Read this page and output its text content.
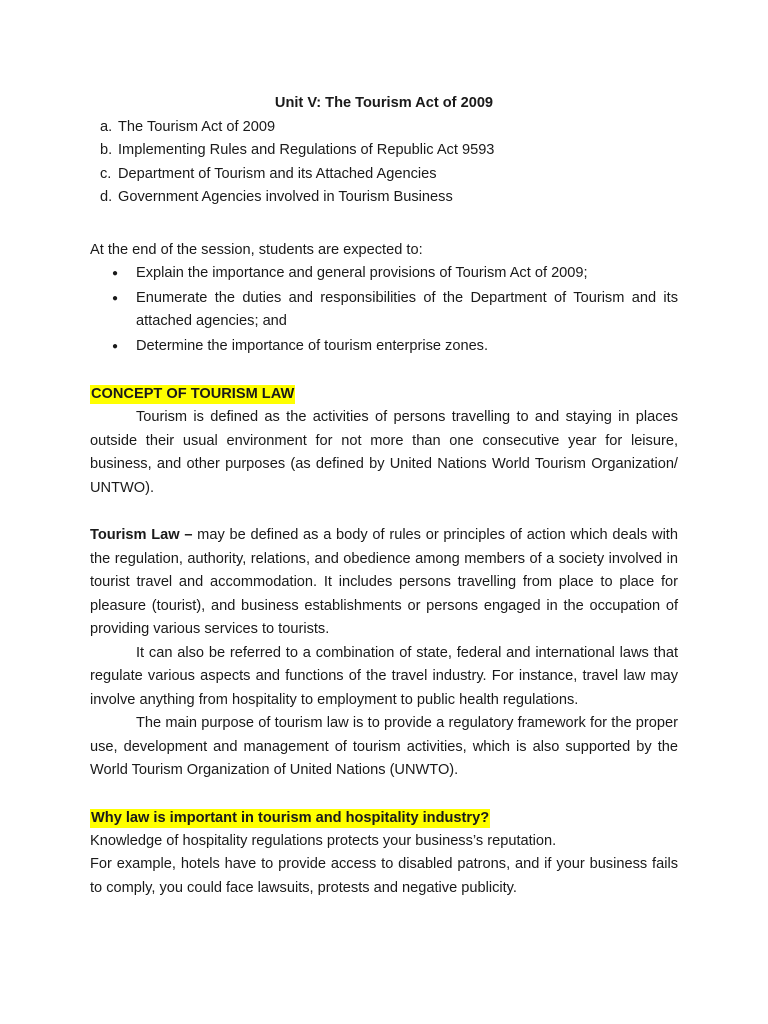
Unit V: The Tourism Act of 2009

a. The Tourism Act of 2009
b. Implementing Rules and Regulations of Republic Act 9593
c. Department of Tourism and its Attached Agencies
d. Government Agencies involved in Tourism Business

At the end of the session, students are expected to:

●	Explain the importance and general provisions of Tourism Act of 2009;
●	Enumerate the duties and responsibilities of the Department of Tourism and its attached agencies; and
●	Determine the importance of tourism enterprise zones.
CONCEPT OF TOURISM LAW

Tourism is defined as the activities of persons travelling to and staying in places outside their usual environment for not more than one consecutive year for leisure, business, and other purposes (as defined by United Nations World Tourism Organization/ UNTWO).

Tourism Law – may be defined as a body of rules or principles of action which deals with the regulation, authority, relations, and obedience among members of a society involved in tourist travel and accommodation. It includes persons travelling from place to place for pleasure (tourist), and business establishments or persons engaged in the occupation of providing various services to tourists.

It can also be referred to a combination of state, federal and international laws that regulate various aspects and functions of the travel industry. For instance, travel law may involve anything from hospitality to employment to public health regulations.

The main purpose of tourism law is to provide a regulatory framework for the proper use, development and management of tourism activities, which is also supported by the World Tourism Organization of United Nations (UNWTO).

Why law is important in tourism and hospitality industry?

Knowledge of hospitality regulations protects your business’s reputation.

For example, hotels have to provide access to disabled patrons, and if your business fails to comply, you could face lawsuits, protests and negative publicity.
